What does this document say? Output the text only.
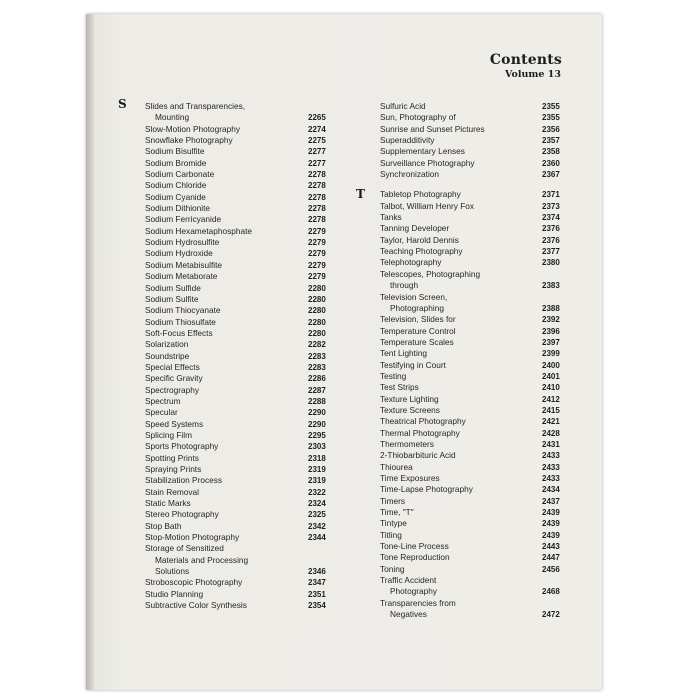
Contents
Volume 13
S
T
Slides and Transparencies,
Mounting	2265
Slow-Motion Photography	2274
Snowflake Photography	2275
Sodium Bisulfite	2277
Sodium Bromide	2277
Sodium Carbonate	2278
Sodium Chloride	2278
Sodium Cyanide	2278
Sodium Dithionite	2278
Sodium Ferricyanide	2278
Sodium Hexametaphosphate	2279
Sodium Hydrosulfite	2279
Sodium Hydroxide	2279
Sodium Metabisulfite	2279
Sodium Metaborate	2279
Sodium Sulfide	2280
Sodium Sulfite	2280
Sodium Thiocyanate	2280
Sodium Thiosulfate	2280
Soft-Focus Effects	2280
Solarization	2282
Soundstripe	2283
Special Effects	2283
Specific Gravity	2286
Spectrography	2287
Spectrum	2288
Specular	2290
Speed Systems	2290
Splicing Film	2295
Sports Photography	2303
Spotting Prints	2318
Spraying Prints	2319
Stabilization Process	2319
Stain Removal	2322
Static Marks	2324
Stereo Photography	2325
Stop Bath	2342
Stop-Motion Photography	2344
Storage of Sensitized
Materials and Processing
Solutions	2346
Stroboscopic Photography	2347
Studio Planning	2351
Subtractive Color Synthesis	2354
Sulfuric Acid	2355
Sun, Photography of	2355
Sunrise and Sunset Pictures	2356
Superadditivity	2357
Supplementary Lenses	2358
Surveillance Photography	2360
Synchronization	2367
Tabletop Photography	2371
Talbot, William Henry Fox	2373
Tanks	2374
Tanning Developer	2376
Taylor, Harold Dennis	2376
Teaching Photography	2377
Telephotography	2380
Telescopes, Photographing
through	2383
Television Screen,
Photographing	2388
Television, Slides for	2392
Temperature Control	2396
Temperature Scales	2397
Tent Lighting	2399
Testifying in Court	2400
Testing	2401
Test Strips	2410
Texture Lighting	2412
Texture Screens	2415
Theatrical Photography	2421
Thermal Photography	2428
Thermometers	2431
2-Thiobarbituric Acid	2433
Thiourea	2433
Time Exposures	2433
Time-Lapse Photography	2434
Timers	2437
Time, "T"	2439
Tintype	2439
Titling	2439
Tone-Line Process	2443
Tone Reproduction	2447
Toning	2456
Traffic Accident
Photography	2468
Transparencies from
Negatives	2472
